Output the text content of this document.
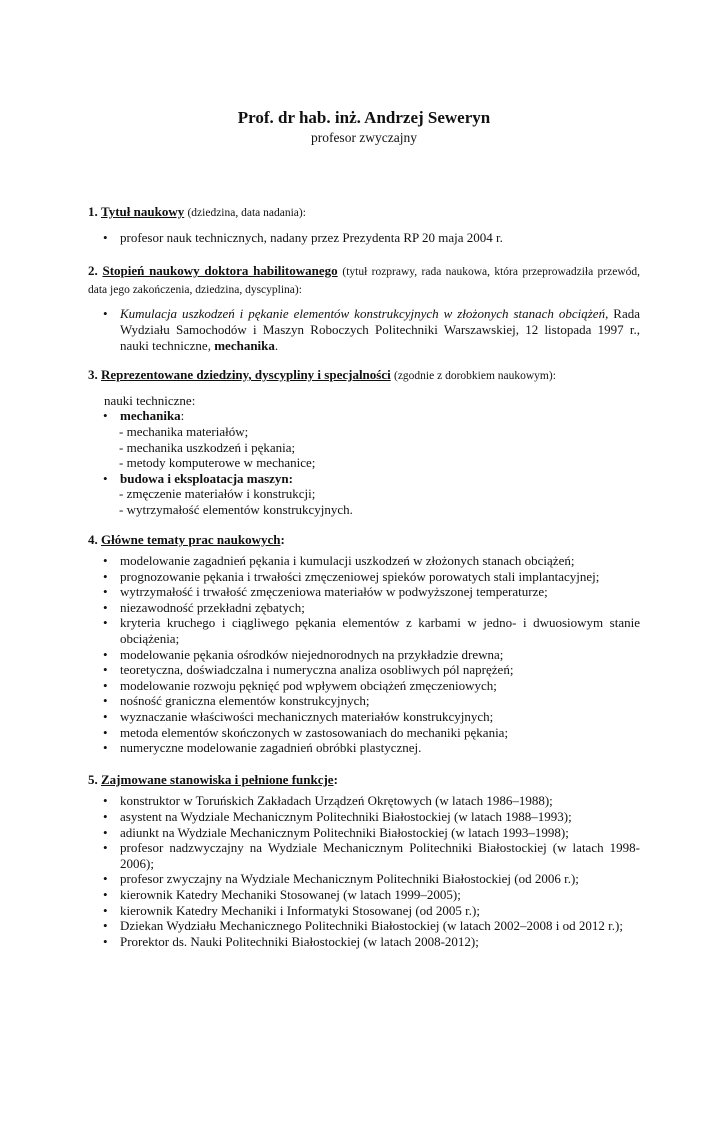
Prof. dr hab. inż. Andrzej Seweryn
profesor zwyczajny

1. Tytuł naukowy (dziedzina, data nadania):

• profesor nauk technicznych, nadany przez Prezydenta RP 20 maja 2004 r.

2. Stopień naukowy doktora habilitowanego (tytuł rozprawy, rada naukowa, która przeprowadziła przewód, data jego zakończenia, dziedzina, dyscyplina):

• Kumulacja uszkodzeń i pękanie elementów konstrukcyjnych w złożonych stanach obciążeń, Rada Wydziału Samochodów i Maszyn Roboczych Politechniki Warszawskiej, 12 listopada 1997 r., nauki techniczne, mechanika.

3. Reprezentowane dziedziny, dyscypliny i specjalności (zgodnie z dorobkiem naukowym):

nauki techniczne:
• mechanika:
- mechanika materiałów;
- mechanika uszkodzeń i pękania;
- metody komputerowe w mechanice;
• budowa i eksploatacja maszyn:
- zmęczenie materiałów i konstrukcji;
- wytrzymałość elementów konstrukcyjnych.

4. Główne tematy prac naukowych:

• modelowanie zagadnień pękania i kumulacji uszkodzeń w złożonych stanach obciążeń;
• prognozowanie pękania i trwałości zmęczeniowej spieków porowatych stali implantacyjnej;
• wytrzymałość i trwałość zmęczeniowa materiałów w podwyższonej temperaturze;
• niezawodność przekładni zębatych;
• kryteria kruchego i ciągliwego pękania elementów z karbami w jedno- i dwuosiowym stanie obciążenia;
• modelowanie pękania ośrodków niejednorodnych na przykładzie drewna;
• teoretyczna, doświadczalna i numeryczna analiza osobliwych pól naprężeń;
• modelowanie rozwoju pęknięć pod wpływem obciążeń zmęczeniowych;
• nośność graniczna elementów konstrukcyjnych;
• wyznaczanie właściwości mechanicznych materiałów konstrukcyjnych;
• metoda elementów skończonych w zastosowaniach do mechaniki pękania;
• numeryczne modelowanie zagadnień obróbki plastycznej.

5. Zajmowane stanowiska i pełnione funkcje:

• konstruktor w Toruńskich Zakładach Urządzeń Okrętowych (w latach 1986–1988);
• asystent na Wydziale Mechanicznym Politechniki Białostockiej (w latach 1988–1993);
• adiunkt na Wydziale Mechanicznym Politechniki Białostockiej (w latach 1993–1998);
• profesor nadzwyczajny na Wydziale Mechanicznym Politechniki Białostockiej (w latach 1998-2006);
• profesor zwyczajny na Wydziale Mechanicznym Politechniki Białostockiej (od 2006 r.);
• kierownik Katedry Mechaniki Stosowanej (w latach 1999–2005);
• kierownik Katedry Mechaniki i Informatyki Stosowanej (od 2005 r.);
• Dziekan Wydziału Mechanicznego Politechniki Białostockiej (w latach 2002–2008 i od 2012 r.);
• Prorektor ds. Nauki Politechniki Białostockiej (w latach 2008-2012);
